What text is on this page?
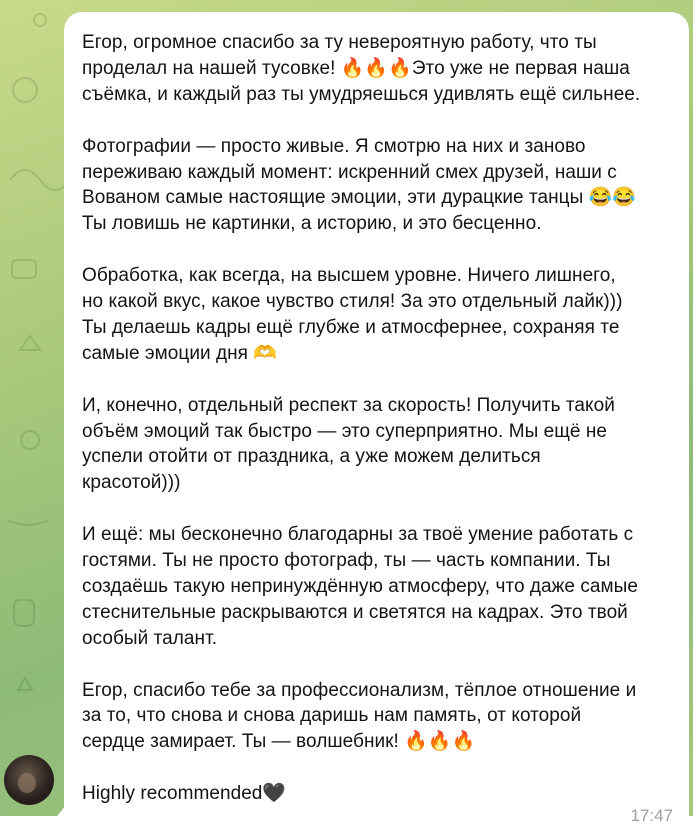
Егор, огромное спасибо за ту невероятную работу, что ты
проделал на нашей тусовке! 🔥🔥🔥Это уже не первая наша
съёмка, и каждый раз ты умудряешься удивлять ещё сильнее.
Фотографии — просто живые. Я смотрю на них и заново
переживаю каждый момент: искренний смех друзей, наши с
Вованом самые настоящие эмоции, эти дурацкие танцы 😂😂
Ты ловишь не картинки, а историю, и это бесценно.
Обработка, как всегда, на высшем уровне. Ничего лишнего,
но какой вкус, какое чувство стиля! За это отдельный лайк)))
Ты делаешь кадры ещё глубже и атмосфернее, сохраняя те
самые эмоции дня 🫶
И, конечно, отдельный респект за скорость! Получить такой
объём эмоций так быстро — это суперприятно. Мы ещё не
успели отойти от праздника, а уже можем делиться
красотой)))
И ещё: мы бесконечно благодарны за твоё умение работать с
гостями. Ты не просто фотограф, ты — часть компании. Ты
создаёшь такую непринуждённую атмосферу, что даже самые
стеснительные раскрываются и светятся на кадрах. Это твой
особый талант.
Егор, спасибо тебе за профессионализм, тёплое отношение и
за то, что снова и снова даришь нам память, от которой
сердце замирает. Ты — волшебник! 🔥🔥🔥
Highly recommended🖤
17:47
